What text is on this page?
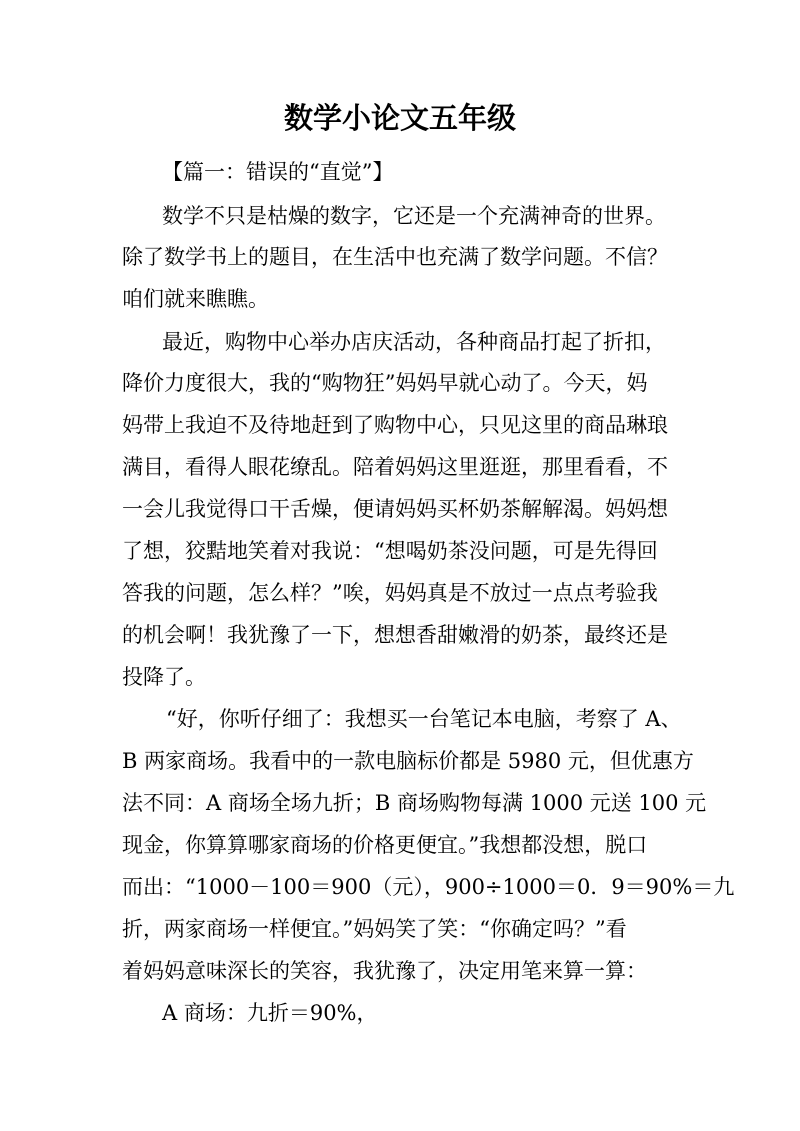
数学小论文五年级
【篇一：错误的“直觉”】
数学不只是枯燥的数字，它还是一个充满神奇的世界。
除了数学书上的题目，在生活中也充满了数学问题。不信？
咱们就来瞧瞧。
最近，购物中心举办店庆活动，各种商品打起了折扣，
降价力度很大，我的“购物狂”妈妈早就心动了。今天，妈
妈带上我迫不及待地赶到了购物中心，只见这里的商品琳琅
满目，看得人眼花缭乱。陪着妈妈这里逛逛，那里看看，不
一会儿我觉得口干舌燥，便请妈妈买杯奶茶解解渴。妈妈想
了想，狡黠地笑着对我说：“想喝奶茶没问题，可是先得回
答我的问题，怎么样？”唉，妈妈真是不放过一点点考验我
的机会啊！我犹豫了一下，想想香甜嫩滑的奶茶，最终还是
投降了。
“好，你听仔细了：我想买一台笔记本电脑，考察了 A、
B 两家商场。我看中的一款电脑标价都是 5980 元，但优惠方
法不同：A 商场全场九折；B 商场购物每满 1000 元送 100 元
现金，你算算哪家商场的价格更便宜。”我想都没想，脱口
而出：“1000－100＝900（元），900÷1000＝0．9＝90%＝九
折，两家商场一样便宜。”妈妈笑了笑：“你确定吗？”看
着妈妈意味深长的笑容，我犹豫了，决定用笔来算一算：
A 商场：九折＝90%，
